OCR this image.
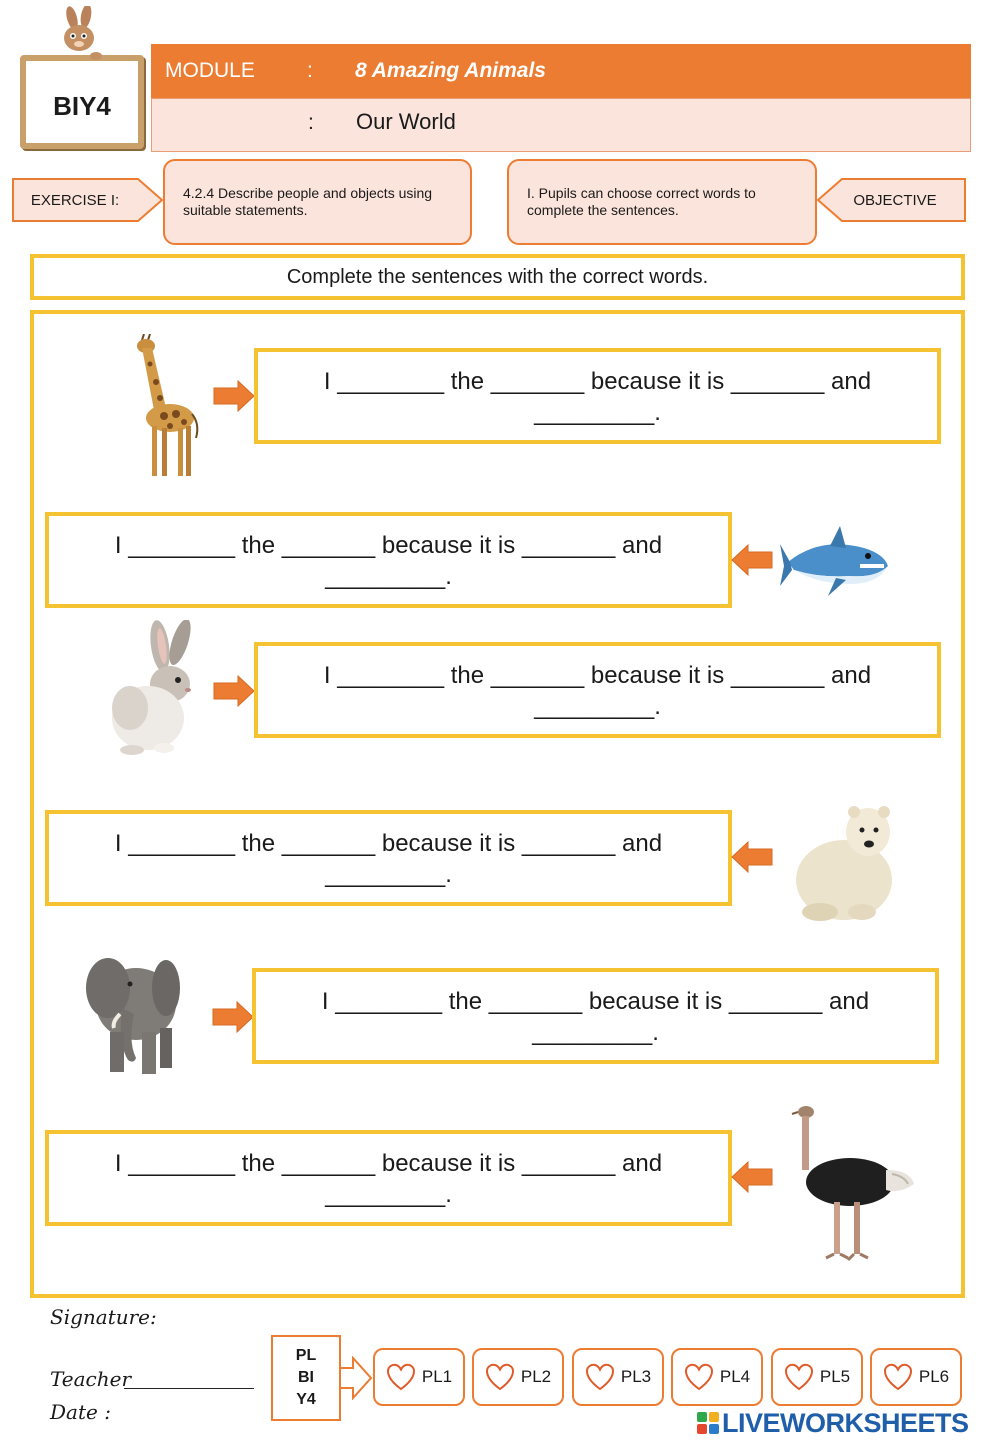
BIY4
MODULE : 8 Amazing Animals
: Our World
EXERCISE I:	4.2.4 Describe people and objects using suitable statements.
I. Pupils can choose correct words to complete the sentences.
OBJECTIVE
Complete the sentences with the correct words.
I ________ the _______ because it is _______ and
_________.
I ________ the _______ because it is _______ and
_________.
I ________ the _______ because it is _______ and
_________.
I ________ the _______ because it is _______ and
_________.
I ________ the _______ because it is _______ and
_________.
I ________ the _______ because it is _______ and
_________.
Signature:
Teacher
Date :
PL
BI
Y4
PL1	PL2	PL3	PL4	PL5	PL6
LIVEWORKSHEETS
